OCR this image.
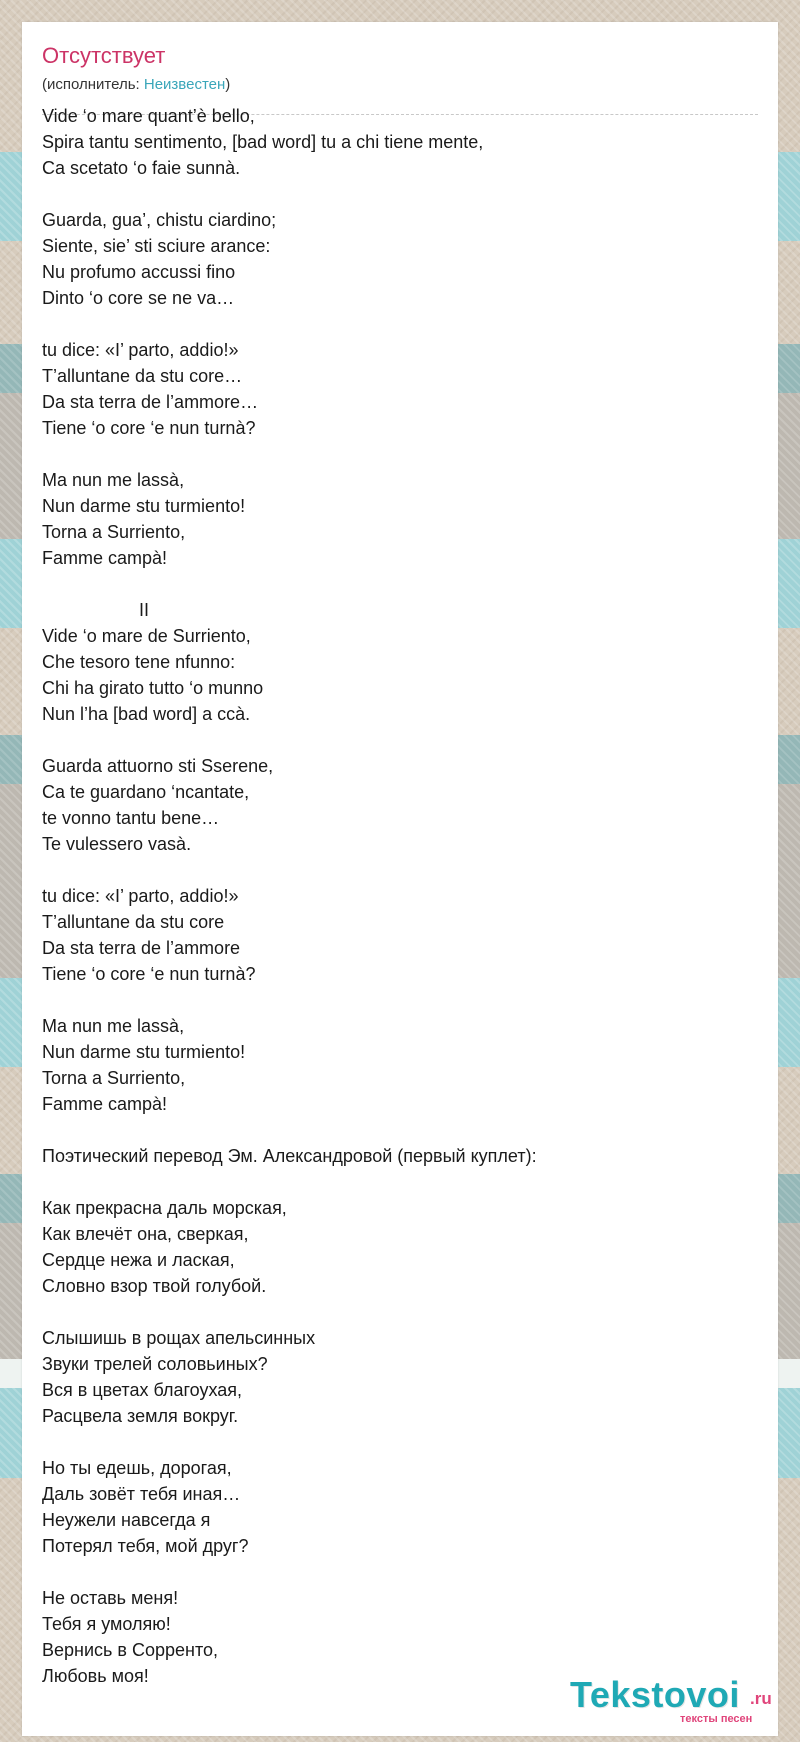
Отсутствует

(исполнитель: Неизвестен)

Vide ‘o mare quant’è bello,
Spira tantu sentimento, [bad word] tu a chi tiene mente,
Ca scetato ‘o faie sunnà.
Guarda, gua’, chistu ciardino;
Siente, sie’ sti sciure arance:
Nu profumo accussi fino
Dinto ‘o core se ne va…
tu dice: «I’ parto, addio!»
T’alluntane da stu core…
Da sta terra de l’ammore…
Tiene ‘o core ‘e nun turnà?
Ma nun me lassà,
Nun darme stu turmiento!
Torna a Surriento,
Famme campà!
II
Vide ‘o mare de Surriento,
Che tesoro tene nfunno:
Chi ha girato tutto ‘o munno
Nun l’ha [bad word] a ccà.
Guarda attuorno sti Sserene,
Ca te guardano ‘ncantate,
te vonno tantu bene…
Te vulessero vasà.
tu dice: «I’ parto, addio!»
T’alluntane da stu core
Da sta terra de l’ammore
Tiene ‘o core ‘e nun turnà?
Ma nun me lassà,
Nun darme stu turmiento!
Torna a Surriento,
Famme campà!
Поэтический перевод Эм. Александровой (первый куплет):
Как прекрасна даль морская,
Как влечёт она, сверкая,
Сердце нежа и лаская,
Словно взор твой голубой.
Слышишь в рощах апельсинных
Звуки трелей соловьиных?
Вся в цветах благоухая,
Расцвела земля вокруг.
Но ты едешь, дорогая,
Даль зовёт тебя иная…
Неужели навсегда я
Потерял тебя, мой друг?
Не оставь меня!
Тебя я умоляю!
Вернись в Сорренто,
Любовь моя!	Tekstovoi .ru
тексты песен
